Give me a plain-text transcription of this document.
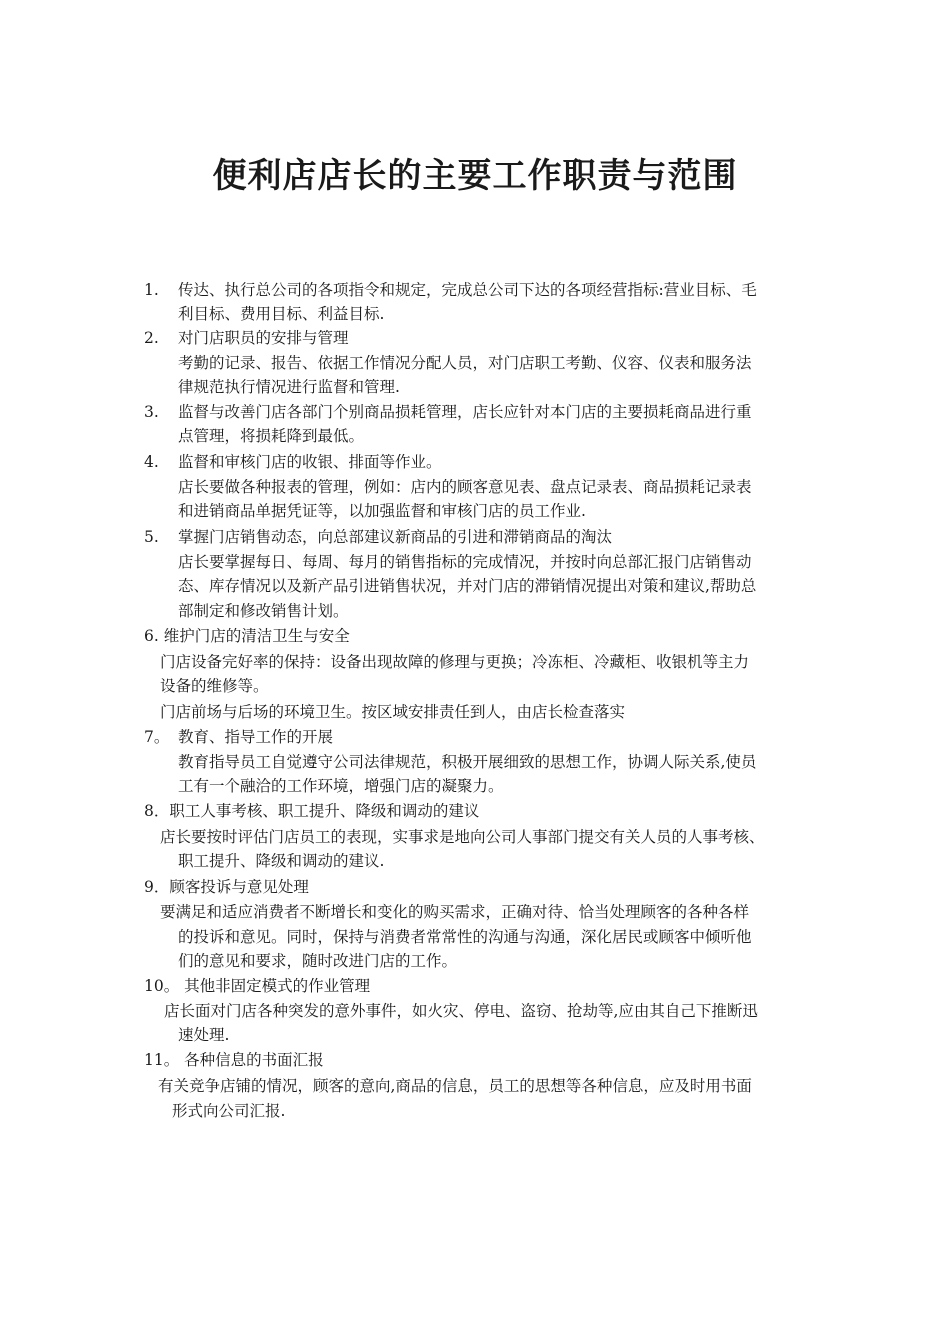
便利店店长的主要工作职责与范围
1. 传达、执行总公司的各项指令和规定，完成总公司下达的各项经营指标:营业目标、毛
利目标、费用目标、利益目标.
2. 对门店职员的安排与管理
考勤的记录、报告、依据工作情况分配人员，对门店职工考勤、仪容、仪表和服务法
律规范执行情况进行监督和管理.
3. 监督与改善门店各部门个别商品损耗管理，店长应针对本门店的主要损耗商品进行重
点管理，将损耗降到最低。
4. 监督和审核门店的收银、排面等作业。
店长要做各种报表的管理，例如：店内的顾客意见表、盘点记录表、商品损耗记录表
和进销商品单据凭证等，以加强监督和审核门店的员工作业.
5. 掌握门店销售动态，向总部建议新商品的引进和滞销商品的淘汰
店长要掌握每日、每周、每月的销售指标的完成情况，并按时向总部汇报门店销售动
态、库存情况以及新产品引进销售状况，并对门店的滞销情况提出对策和建议,帮助总
部制定和修改销售计划。
6. 维护门店的清洁卫生与安全
门店设备完好率的保持：设备出现故障的修理与更换；冷冻柜、冷藏柜、收银机等主力
设备的维修等。
门店前场与后场的环境卫生。按区域安排责任到人，由店长检查落实
7。 教育、指导工作的开展
教育指导员工自觉遵守公司法律规范，积极开展细致的思想工作，协调人际关系,使员
工有一个融洽的工作环境，增强门店的凝聚力。
8．职工人事考核、职工提升、降级和调动的建议
店长要按时评估门店员工的表现，实事求是地向公司人事部门提交有关人员的人事考核、
职工提升、降级和调动的建议.
9．顾客投诉与意见处理
要满足和适应消费者不断增长和变化的购买需求，正确对待、恰当处理顾客的各种各样
的投诉和意见。同时，保持与消费者常常性的沟通与沟通，深化居民或顾客中倾听他
们的意见和要求，随时改进门店的工作。
10。 其他非固定模式的作业管理
店长面对门店各种突发的意外事件，如火灾、停电、盗窃、抢劫等,应由其自己下推断迅
速处理.
11。 各种信息的书面汇报
有关竞争店铺的情况，顾客的意向,商品的信息，员工的思想等各种信息，应及时用书面
形式向公司汇报.
